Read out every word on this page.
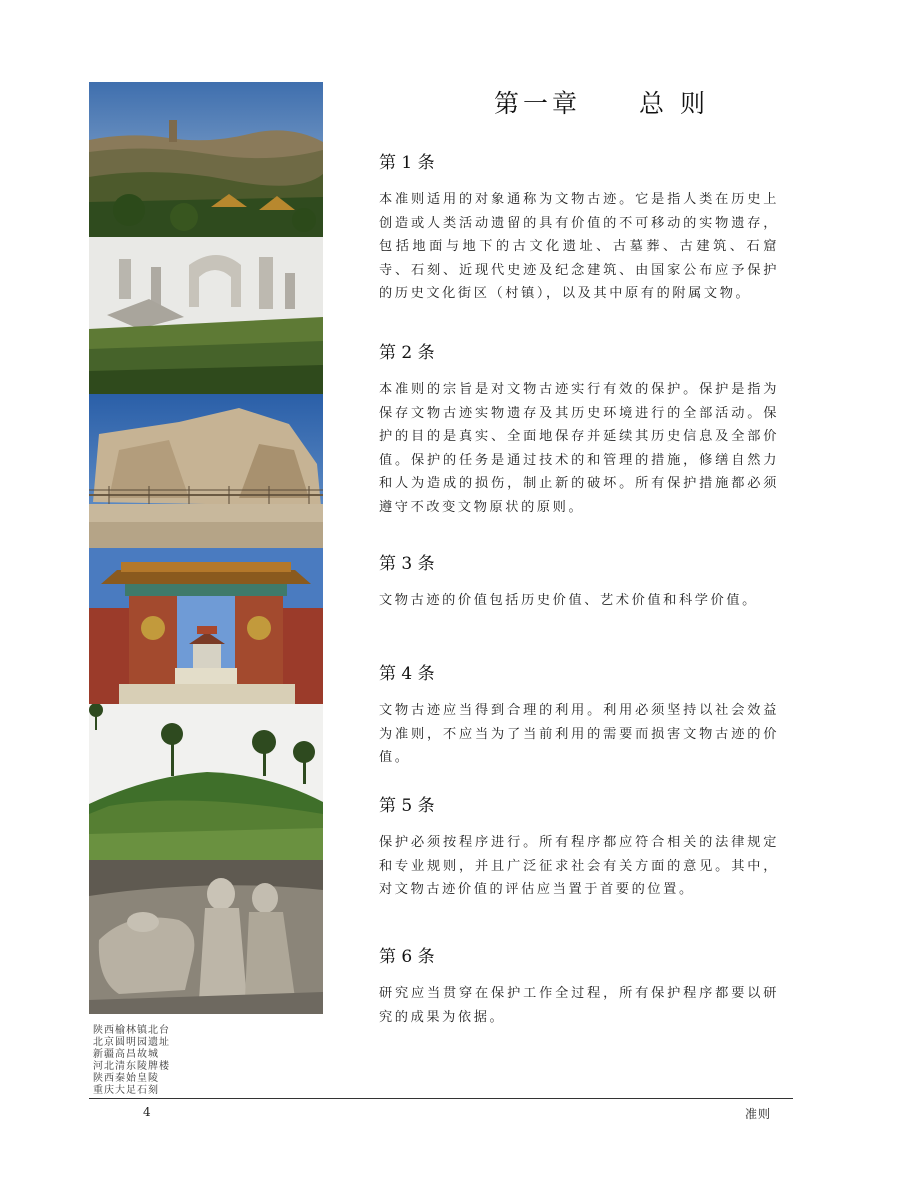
陕西榆林镇北台
北京圆明园遗址
新疆高昌故城
河北清东陵牌楼
陕西秦始皇陵
重庆大足石刻
第一章　　总 则
第 1 条

本准则适用的对象通称为文物古迹。它是指人类在历史上创造或人类活动遗留的具有价值的不可移动的实物遗存，包括地面与地下的古文化遗址、古墓葬、古建筑、石窟寺、石刻、近现代史迹及纪念建筑、由国家公布应予保护的历史文化街区（村镇），以及其中原有的附属文物。

第 2 条

本准则的宗旨是对文物古迹实行有效的保护。保护是指为保存文物古迹实物遗存及其历史环境进行的全部活动。保护的目的是真实、全面地保存并延续其历史信息及全部价值。保护的任务是通过技术的和管理的措施，修缮自然力和人为造成的损伤，制止新的破坏。所有保护措施都必须遵守不改变文物原状的原则。

第 3 条

文物古迹的价值包括历史价值、艺术价值和科学价值。

第 4 条

文物古迹应当得到合理的利用。利用必须坚持以社会效益为准则，不应当为了当前利用的需要而损害文物古迹的价值。

第 5 条

保护必须按程序进行。所有程序都应符合相关的法律规定和专业规则，并且广泛征求社会有关方面的意见。其中，对文物古迹价值的评估应当置于首要的位置。

第 6 条

研究应当贯穿在保护工作全过程，所有保护程序都要以研究的成果为依据。

4	准则
